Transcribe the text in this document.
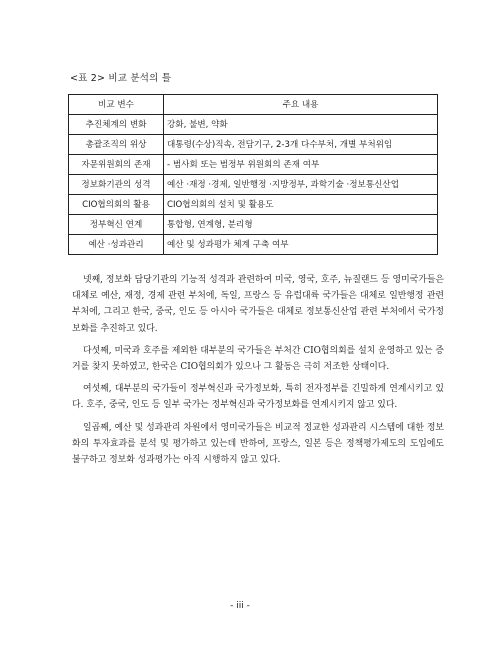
<표 2> 비교 분석의 틀
비교 변수	주요 내용
추진체계의 변화	강화, 불변, 약화
총괄조직의 위상	대통령(수상)직속, 전담기구, 2-3개 다수부처, 개별 부처위임
자문위원회의 존재	- 범사회 또는 범정부 위원회의 존재 여부
정보화기관의 성격	예산 ·재정 ·경제, 일반행정 ·지방정부, 과학기술 ·정보통신산업
CIO협의회의 활용	CIO협의회의 설치 및 활용도
정부혁신 연계	통합형, 연계형, 분리형
예산 ·성과관리	예산 및 성과평가 체계 구축 여부

넷째, 정보화 담당기관의 기능적 성격과 관련하여 미국, 영국, 호주, 뉴질랜드 등 영미국가들은 대체로 예산, 재정, 경제 관련 부처에, 독일, 프랑스 등 유럽대륙 국가들은 대체로 일반행정 관련 부처에, 그리고 한국, 중국, 인도 등 아시아 국가들은 대체로 정보통신산업 관련 부처에서 국가정보화를 추진하고 있다.

다섯째, 미국과 호주를 제외한 대부분의 국가들은 부처간 CIO협의회를 설치 운영하고 있는 증거를 찾지 못하였고, 한국은 CIO협의회가 있으나 그 활동은 극히 저조한 상태이다.

여섯째, 대부분의 국가들이 정부혁신과 국가정보화, 특히 전자정부를 긴밀하게 연계시키고 있다. 호주, 중국, 인도 등 일부 국가는 정부혁신과 국가정보화를 연계시키지 않고 있다.

일곱째, 예산 및 성과관리 차원에서 영미국가들은 비교적 정교한 성과관리 시스템에 대한 정보화의 투자효과를 분석 및 평가하고 있는데 반하여, 프랑스, 일본 등은 정책평가제도의 도입에도 불구하고 정보화 성과평가는 아직 시행하지 않고 있다.

- iii -
